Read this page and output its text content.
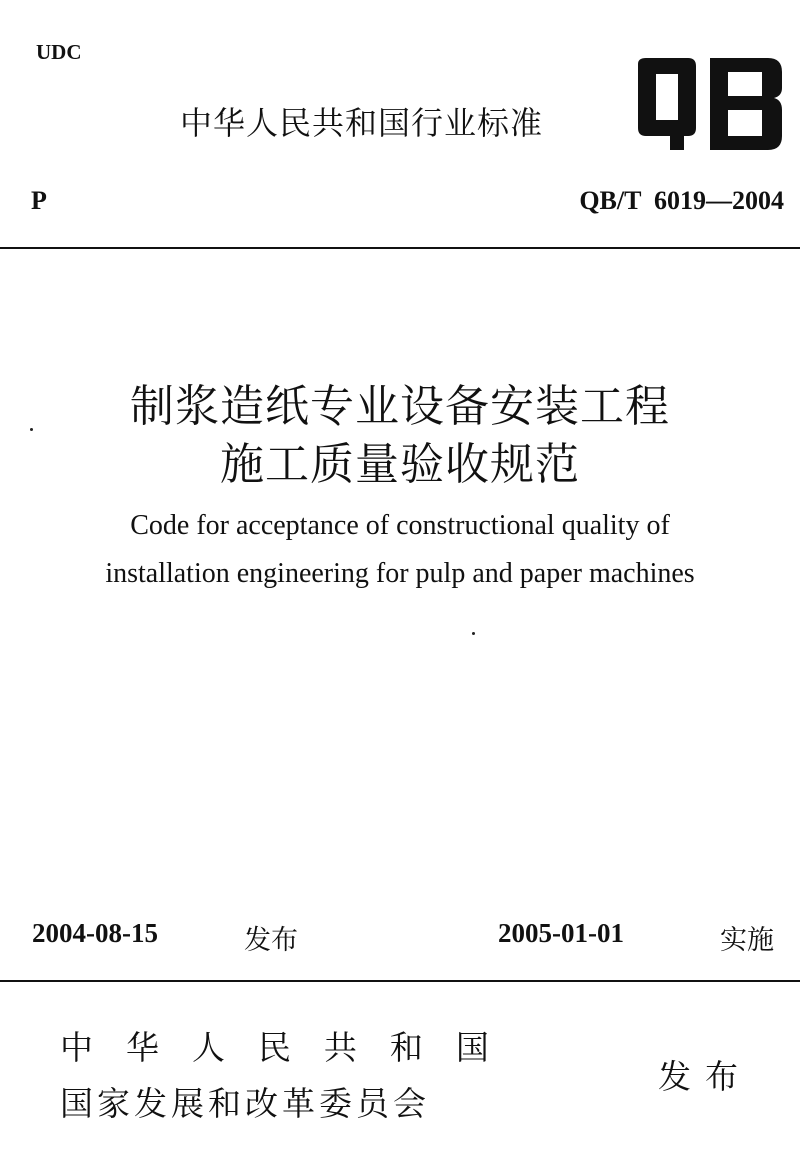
UDC
中华人民共和国行业标准
P	QB/T  6019—2004
制浆造纸专业设备安装工程
施工质量验收规范
Code for acceptance of constructional quality of
installation engineering for pulp and paper machines
2004-08-15	发布	2005-01-01	实施
中  华  人  民  共  和  国
国家发展和改革委员会
发布
